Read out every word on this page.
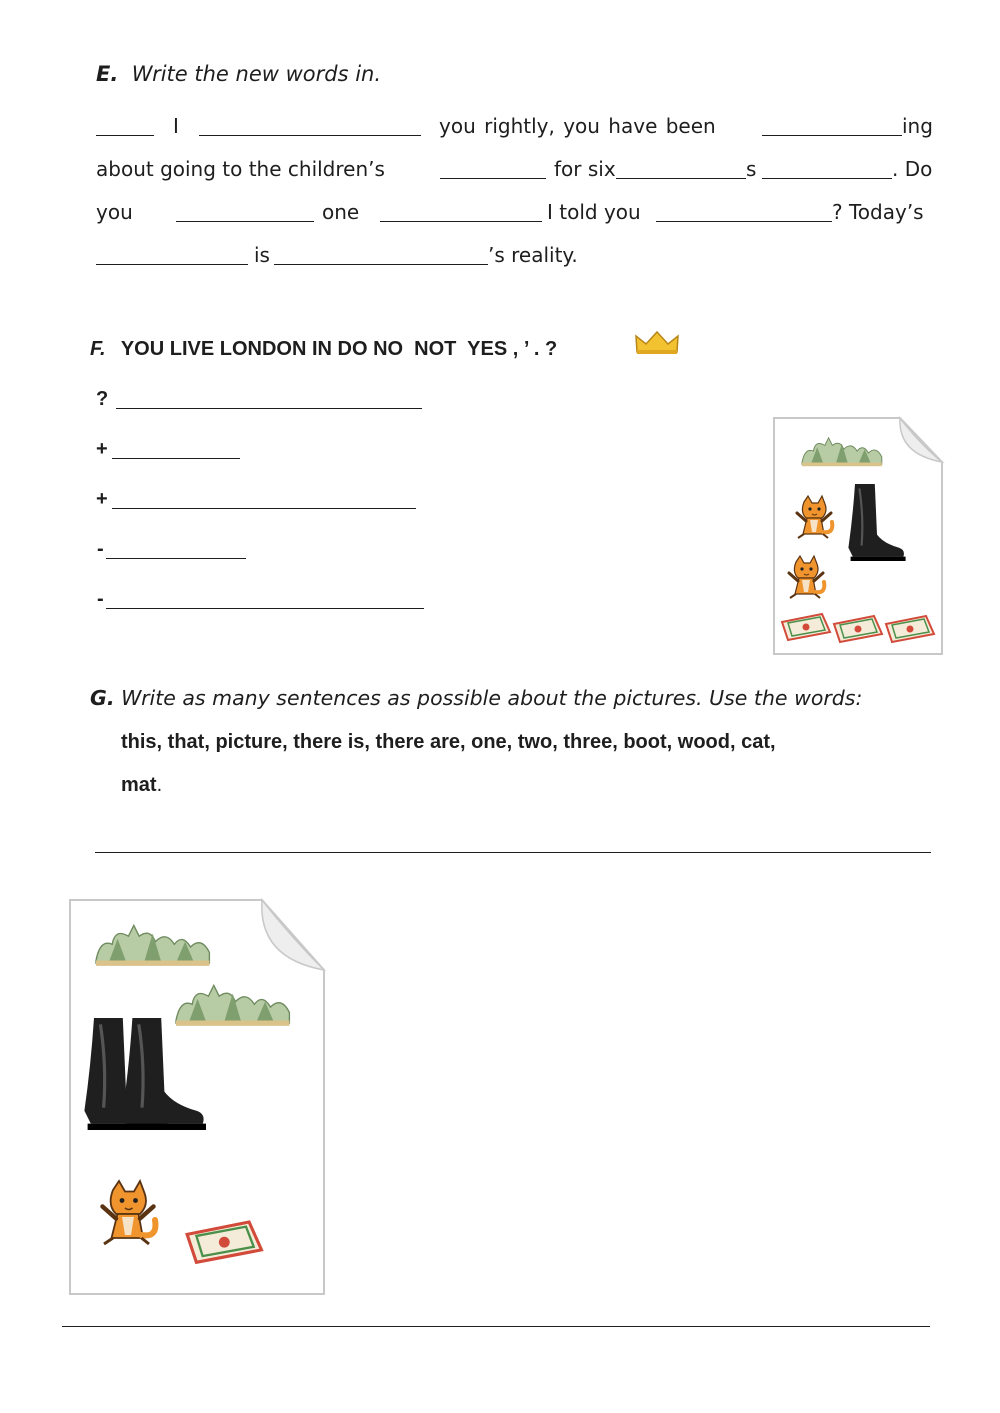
E. Write the new words in.
I	you rightly, you have been	ing
about going to the children’s	for six	s	. Do
you	one	I told you	? Today’s
is	’s reality.
F. YOU LIVE LONDON IN DO NO  NOT  YES , ’ . ?
?
+
+
-
-
G. Write as many sentences as possible about the pictures. Use the words:
this, that, picture, there is, there are, one, two, three, boot, wood, cat,
mat.
